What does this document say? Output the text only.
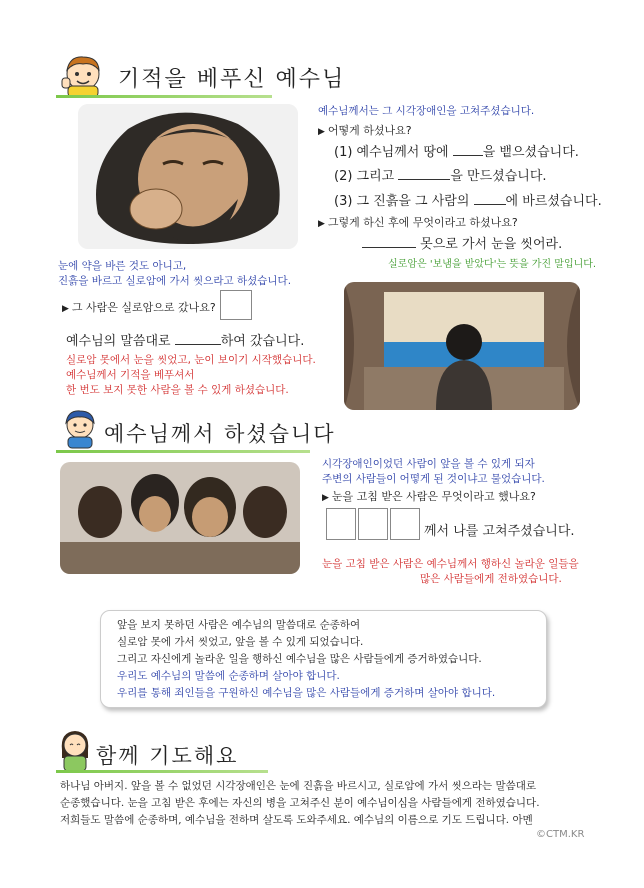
기적을 베푸신 예수님
예수님께서는 그 시각장애인을 고쳐주셨습니다.
▶ 어떻게 하셨나요?
(1) 예수님께서 땅에 을 뱉으셨습니다.
(2) 그리고	을 만드셨습니다.
(3) 그 진흙을 그 사람의 에 바르셨습니다.
▶ 그렇게 하신 후에 무엇이라고 하셨나요?
못으로 가서 눈을 씻어라.
실로암은 '보냄을 받았다'는 뜻을 가진 말입니다.
눈에 약을 바른 것도 아니고,
진흙을 바르고 실로암에 가서 씻으라고 하셨습니다.
▶ 그 사람은 실로암으로 갔나요?
예수님의 말씀대로	하여 갔습니다.
실로암 못에서 눈을 씻었고, 눈이 보이기 시작했습니다.
예수님께서 기적을 베푸셔서
한 번도 보지 못한 사람을 볼 수 있게 하셨습니다.
예수님께서 하셨습니다
시각장애인이었던 사람이 앞을 볼 수 있게 되자
주변의 사람들이 어떻게 된 것이냐고 물었습니다.
▶ 눈을 고침 받은 사람은 무엇이라고 했나요?
께서 나를 고쳐주셨습니다.
눈을 고침 받은 사람은 예수님께서 행하신 놀라운 일들을
많은 사람들에게 전하였습니다.
앞을 보지 못하던 사람은 예수님의 말씀대로 순종하여
실로암 못에 가서 씻었고, 앞을 볼 수 있게 되었습니다.
그리고 자신에게 놀라운 일을 행하신 예수님을 많은 사람들에게 증거하였습니다.
우리도 예수님의 말씀에 순종하며 살아야 합니다.
우리를 통해 죄인들을 구원하신 예수님을 많은 사람들에게 증거하며 살아야 합니다.
함께 기도해요
하나님 아버지. 앞을 볼 수 없었던 시각장애인은 눈에 진흙을 바르시고, 실로암에 가서 씻으라는 말씀대로
순종했습니다. 눈을 고침 받은 후에는 자신의 병을 고쳐주신 분이 예수님이심을 사람들에게 전하였습니다.
저희들도 말씀에 순종하며, 예수님을 전하며 살도록 도와주세요. 예수님의 이름으로 기도 드립니다. 아멘
©CTM.KR
